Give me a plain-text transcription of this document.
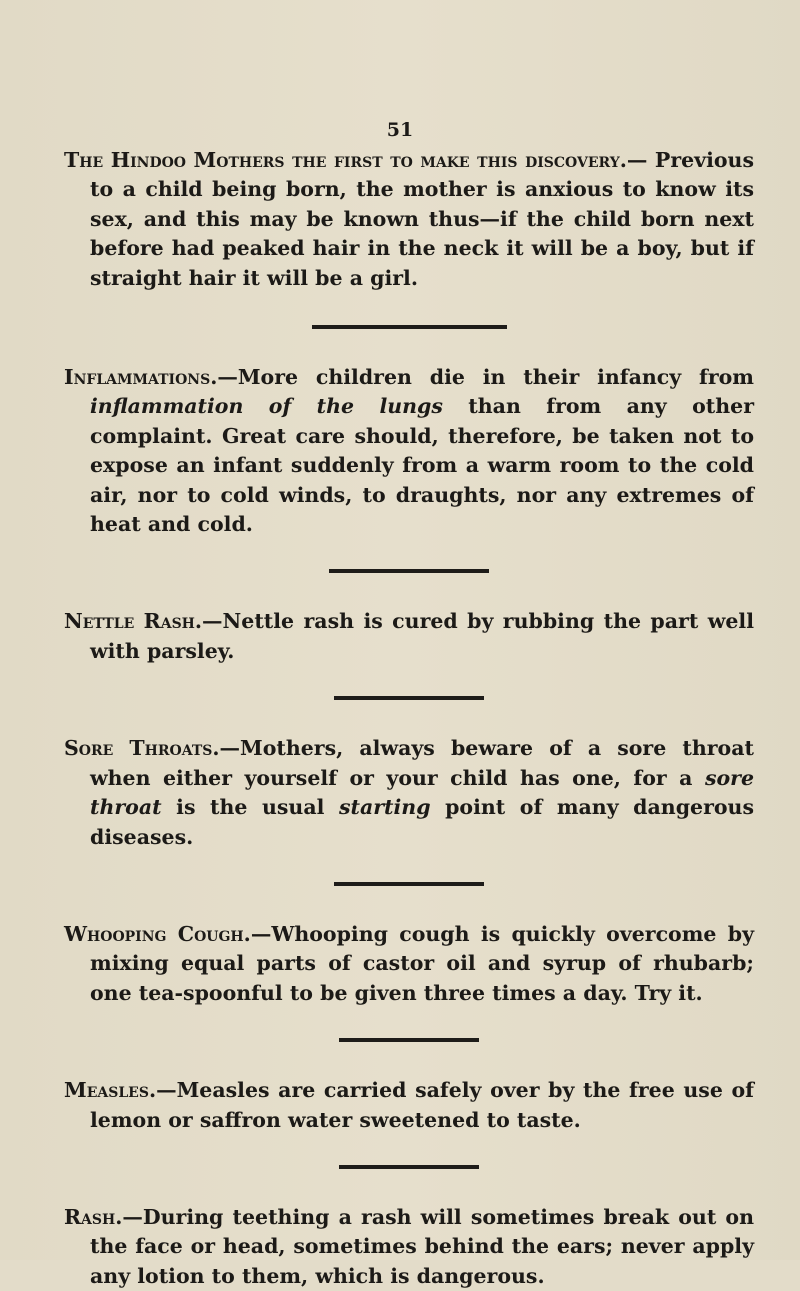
51

The Hindoo Mothers the first to make this discovery.— Previous to a child being born, the mother is anxious to know its sex, and this may be known thus—if the child born next before had peaked hair in the neck it will be a boy, but if straight hair it will be a girl.

Inflammations.—More children die in their infancy from inflammation of the lungs than from any other complaint. Great care should, therefore, be taken not to expose an infant suddenly from a warm room to the cold air, nor to cold winds, to draughts, nor any extremes of heat and cold.

Nettle Rash.—Nettle rash is cured by rubbing the part well with parsley.

Sore Throats.—Mothers, always beware of a sore throat when either yourself or your child has one, for a sore throat is the usual starting point of many dangerous diseases.

Whooping Cough.—Whooping cough is quickly overcome by mixing equal parts of castor oil and syrup of rhubarb; one tea-spoonful to be given three times a day. Try it.

Measles.—Measles are carried safely over by the free use of lemon or saffron water sweetened to taste.

Rash.—During teething a rash will sometimes break out on the face or head, sometimes behind the ears; never apply any lotion to them, which is dangerous.
